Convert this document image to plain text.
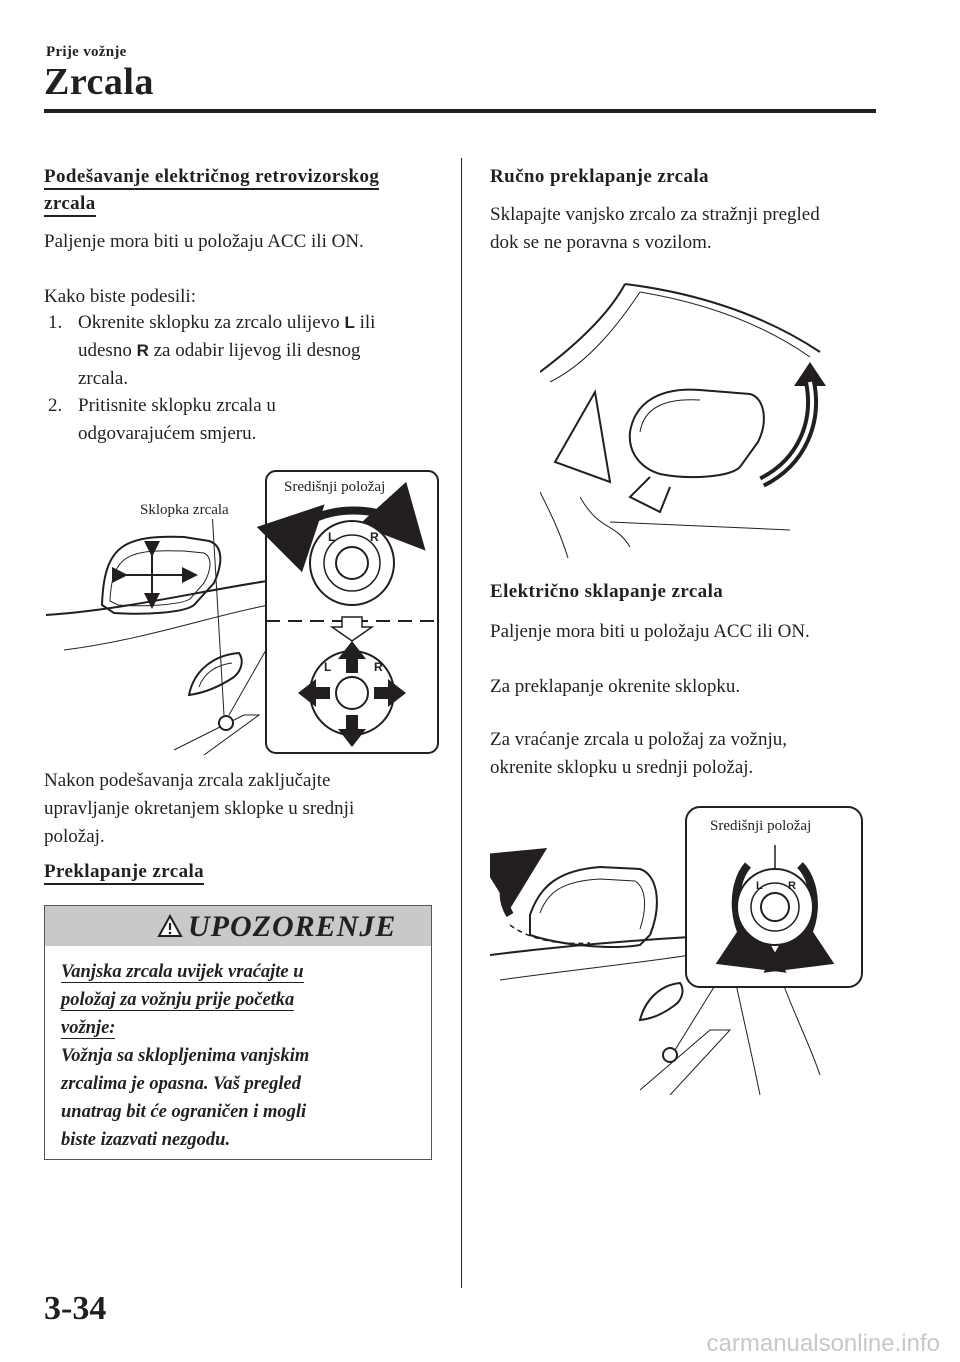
Prije vožnje
Zrcala
Podešavanje električnog retrovizorskog
zrcala
Paljenje mora biti u položaju ACC ili ON.
Kako biste podesili:
1. Okrenite sklopku za zrcalo ulijevo L ili
udesno R za odabir lijevog ili desnog
zrcala.
2. Pritisnite sklopku zrcala u
odgovarajućem smjeru.
L	R
L	R
Sklopka zrcala
Središnji položaj
Nakon podešavanja zrcala zaključajte
upravljanje okretanjem sklopke u srednji
položaj.
Preklapanje zrcala
UPOZORENJE
Vanjska zrcala uvijek vraćajte u
položaj za vožnju prije početka
vožnje:
Vožnja sa sklopljenima vanjskim
zrcalima je opasna. Vaš pregled
unatrag bit će ograničen i mogli
biste izazvati nezgodu.
Ručno preklapanje zrcala
Sklapajte vanjsko zrcalo za stražnji pregled
dok se ne poravna s vozilom.
Električno sklapanje zrcala
Paljenje mora biti u položaju ACC ili ON.
Za preklapanje okrenite sklopku.
Za vraćanje zrcala u položaj za vožnju,
okrenite sklopku u srednji položaj.
L R
Središnji položaj
3-34
carmanualsonline.info
